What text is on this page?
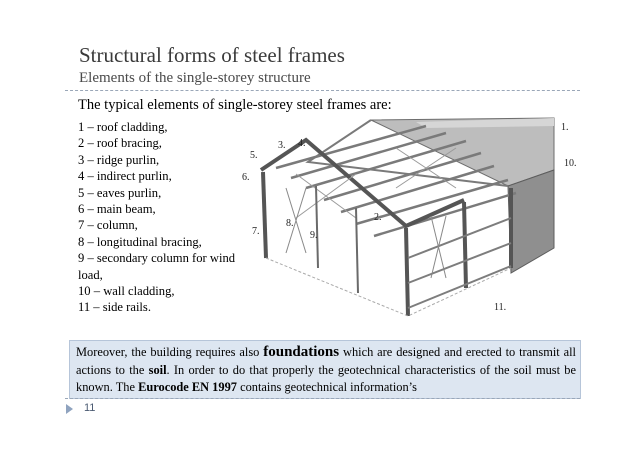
Structural forms of steel frames
Elements of the single-storey structure
The typical elements of single-storey steel frames are:
1 – roof cladding,
2 – roof bracing,
3 – ridge purlin,
4 – indirect purlin,
5 – eaves purlin,
6 – main beam,
7 – column,
8 – longitudinal bracing,
9 – secondary column for wind load,
10 – wall cladding,
11 – side rails.
1.
2.
3. 4.
5.
6.
7.
8.
9.
10.
11.

Moreover, the building requires also foundations which are designed and erected to transmit all actions to the soil. In order to do that properly the geotechnical characteristics of the soil must be known. The Eurocode EN 1997 contains geotechnical information’s

11
